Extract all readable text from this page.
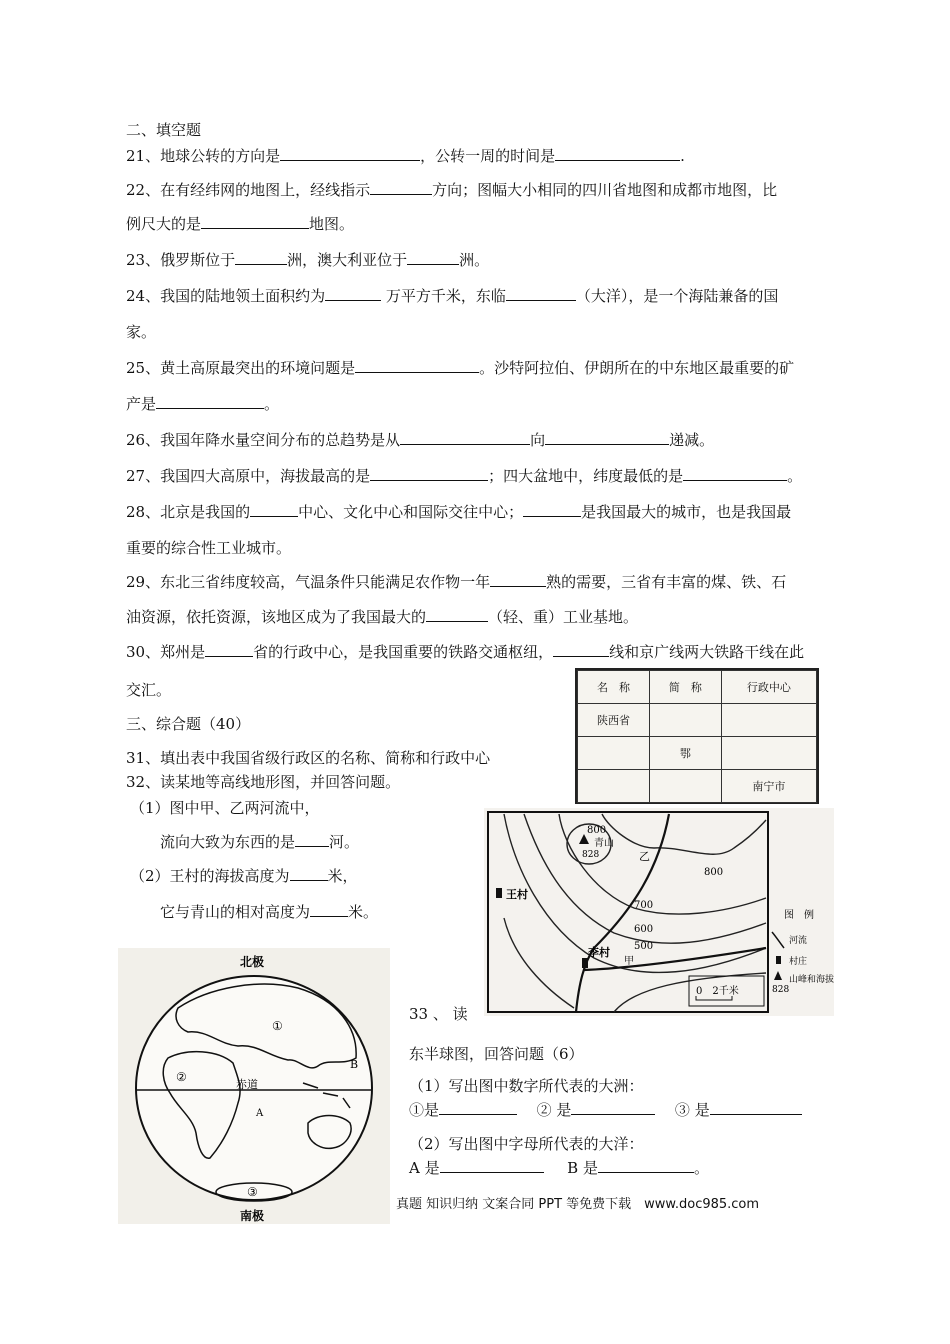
二、填空题
21、地球公转的方向是	，公转一周的时间是	.
22、在有经纬网的地图上，经线指示	方向；图幅大小相同的四川省地图和成都市地图，比
例尺大的是	地图。
23、俄罗斯位于	洲，澳大利亚位于	洲。
24、我国的陆地领土面积约为	万平方千米，东临	（大洋），是一个海陆兼备的国
家。
25、黄土高原最突出的环境问题是	。沙特阿拉伯、伊朗所在的中东地区最重要的矿
产是	。
26、我国年降水量空间分布的总趋势是从	向	递减。
27、我国四大高原中，海拔最高的是	；四大盆地中，纬度最低的是	。
28、北京是我国的	中心、文化中心和国际交往中心；	是我国最大的城市，也是我国最
重要的综合性工业城市。
29、东北三省纬度较高，气温条件只能满足农作物一年	熟的需要，三省有丰富的煤、铁、石
油资源，依托资源，该地区成为了我国最大的	（轻、重）工业基地。
30、郑州是	省的行政中心，是我国重要的铁路交通枢纽，	线和京广线两大铁路干线在此
交汇。
三、综合题（40）
31、填出表中我国省级行政区的名称、简称和行政中心
32、读某地等高线地形图，并回答问题。
名　称	简　称	行政中心
陕西省		
	鄂	
		南宁市
（1）图中甲、乙两河流中，
流向大致为东西的是 河。
（2）王村的海拔高度为	米，
它与青山的相对高度为	米。
800
青山
828	乙
800
700
600
500
王村
李村
甲
0　2千米
图　例
河流
村庄
山峰和海拔
828
北极
南极
赤道
①
②
③
A
B
33 、 读
东半球图，回答问题（6）
（1）写出图中数字所代表的大洲：
①是	② 是	③ 是
（2）写出图中字母所代表的大洋：
A 是	B 是	。
真题 知识归纳 文案合同 PPT 等免费下载　www.doc985.com
